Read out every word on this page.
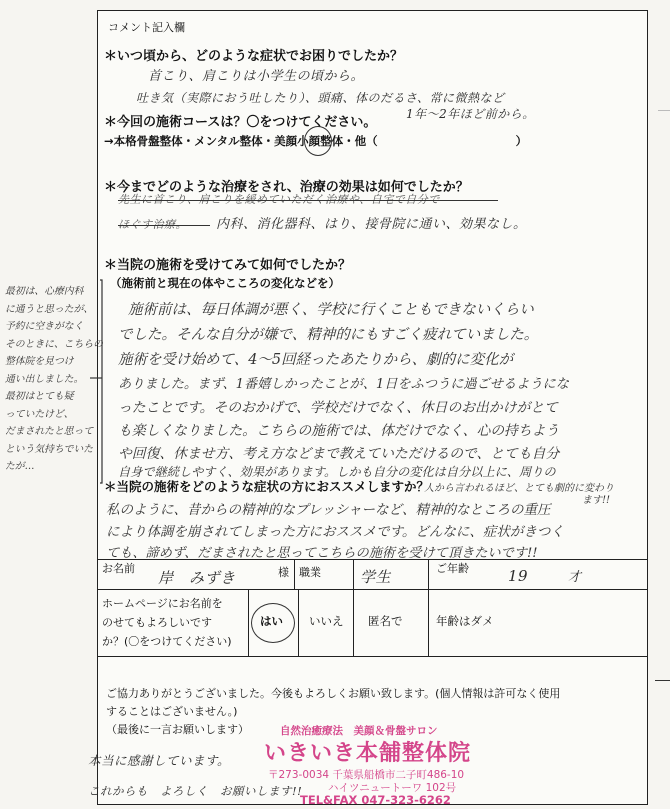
コメント記入欄
＊いつ頃から、どのような症状でお困りでしたか？
首こり、肩こりは小学生の頃から。
吐き気（実際におう吐したり）、頭痛、体のだるさ、常に微熱など
1年～2年ほど前から。
＊今回の施術コースは？〇をつけてください。
→本格骨盤整体・メンタル整体・美顔小顔整体・他（　　　　　　　　　　　　）
＊今までどのような治療をされ、治療の効果は如何でしたか？
先生に首こり、肩こりを緩めていただく治療や、自宅で自分で
ほぐす治療。 内科、消化器科、はり、接骨院に通い、効果なし。
＊当院の施術を受けてみて如何でしたか？
（施術前と現在の体やこころの変化などを）
施術前は、毎日体調が悪く、学校に行くこともできないくらい
でした。そんな自分が嫌で、精神的にもすごく疲れていました。
施術を受け始めて、4～5回経ったあたりから、劇的に変化が
ありました。まず、1番嬉しかったことが、1日をふつうに過ごせるようにな
ったことです。そのおかげで、学校だけでなく、休日のお出かけがとて
も楽しくなりました。こちらの施術では、体だけでなく、心の持ちよう
や回復、休ませ方、考え方などまで教えていただけるので、とても自分
自身で継続しやすく、効果があります。しかも自分の変化は自分以上に、周りの
人から言われるほど、とても劇的に変わり
ます!!
＊当院の施術をどのような症状の方におススメしますか？
私のように、昔からの精神的なプレッシャーなど、精神的なところの重圧
により体調を崩されてしまった方におススメです。どんなに、症状がきつく
ても、諦めず、だまされたと思ってこちらの施術を受けて頂きたいです!!
お名前
岸　みずき	様 職業	学生	ご年齢	19	才
ホームページにお名前を
のせてもよろしいです
か？(〇をつけてください)
はい いいえ 匿名で	年齢はダメ
ご協力ありがとうございました。今後もよろしくお願い致します。(個人情報は許可なく使用
することはございません。)
（最後に一言お願いします）
本当に感謝しています。
これからも　よろしく　お願いします!!
自然治癒療法　美顔＆骨盤サロン
いきいき本舗整体院
〒273-0034 千葉県船橋市二子町486-10
ハイツニュートーワ 102号
TEL&FAX 047-323-6262
最初は、心療内科
に通うと思ったが、
予約に空きがなく
そのときに、こちらの
整体院を見つけ
通い出しました。
最初はとても疑
っていたけど、
だまされたと思って
という気持ちでいた
たが…
